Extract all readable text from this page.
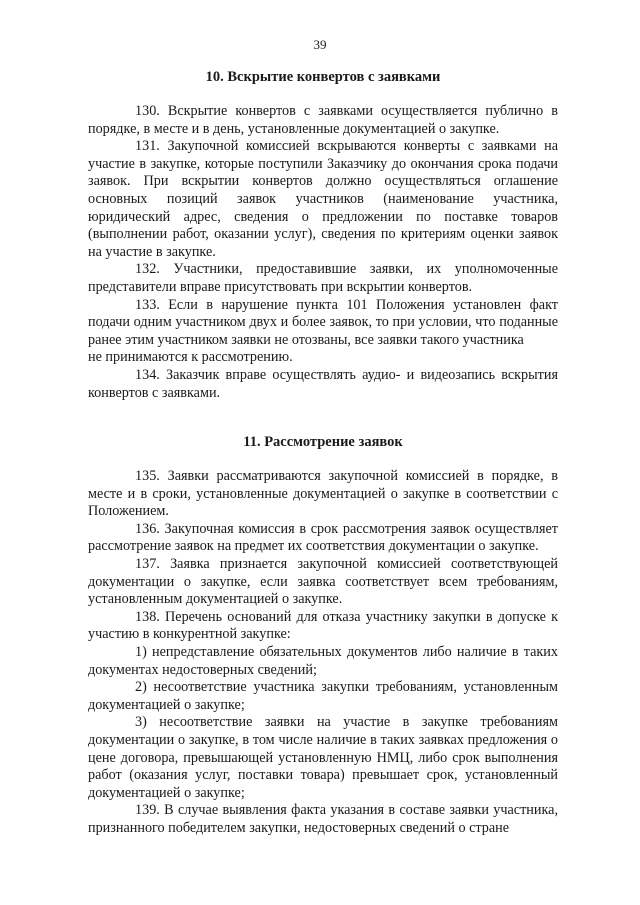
39
10. Вскрытие конвертов с заявками

130. Вскрытие конвертов с заявками осуществляется публично в порядке, в месте и в день, установленные документацией о закупке.

131. Закупочной комиссией вскрываются конверты с заявками на участие в закупке, которые поступили Заказчику до окончания срока подачи заявок. При вскрытии конвертов должно осуществляться оглашение основных позиций заявок участников (наименование участника, юридический адрес, сведения о предложении по поставке товаров (выполнении работ, оказании услуг), сведения по критериям оценки заявок на участие в закупке.

132. Участники, предоставившие заявки, их уполномоченные представители вправе присутствовать при вскрытии конвертов.

133. Если в нарушение пункта 101 Положения установлен факт подачи одним участником двух и более заявок, то при условии, что поданные ранее этим участником заявки не отозваны, все заявки такого участника

не принимаются к рассмотрению.

134. Заказчик вправе осуществлять аудио- и видеозапись вскрытия конвертов с заявками.

11. Рассмотрение заявок

135. Заявки рассматриваются закупочной комиссией в порядке, в месте и в сроки, установленные документацией о закупке в соответствии с Положением.

136. Закупочная комиссия в срок рассмотрения заявок осуществляет рассмотрение заявок на предмет их соответствия документации о закупке.

137. Заявка признается закупочной комиссией соответствующей документации о закупке, если заявка соответствует всем требованиям, установленным документацией о закупке.

138. Перечень оснований для отказа участнику закупки в допуске к участию в конкурентной закупке:

1) непредставление обязательных документов либо наличие в таких документах недостоверных сведений;

2) несоответствие участника закупки требованиям, установленным документацией о закупке;

3) несоответствие заявки на участие в закупке требованиям документации о закупке, в том числе наличие в таких заявках предложения о цене договора, превышающей установленную НМЦ, либо срок выполнения работ (оказания услуг, поставки товара) превышает срок, установленный документацией о закупке;

139. В случае выявления факта указания в составе заявки участника, признанного победителем закупки, недостоверных сведений о стране
